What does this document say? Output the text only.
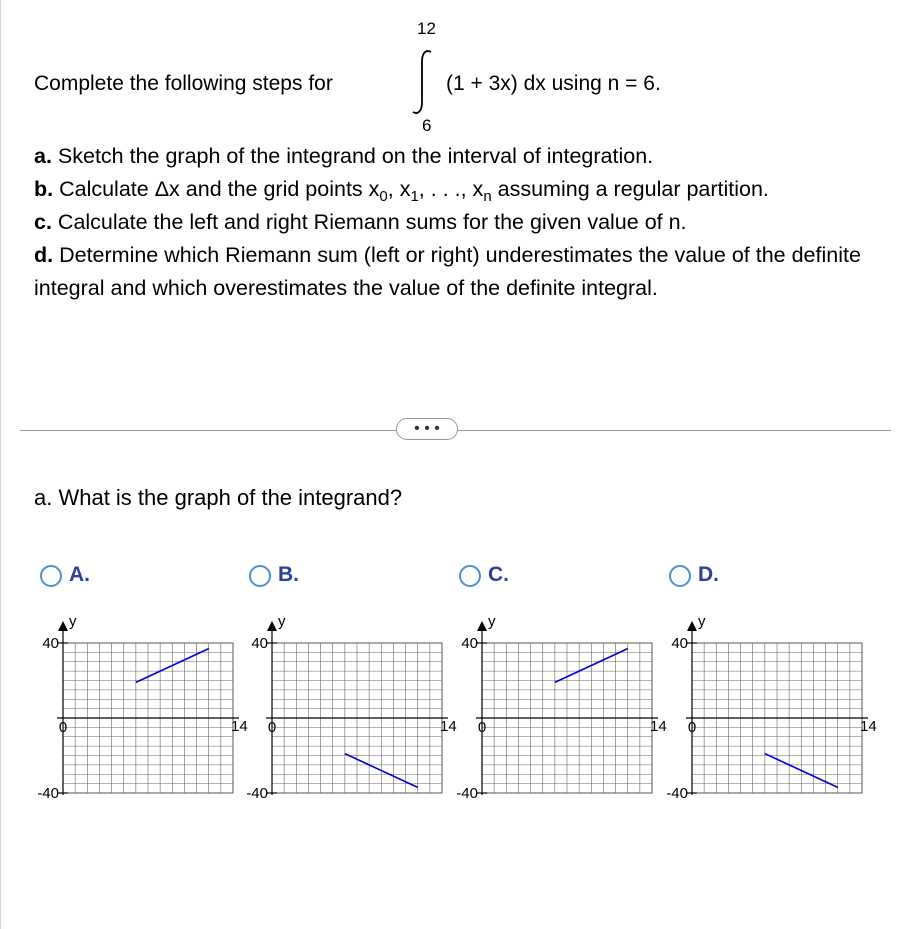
Complete the following steps for
12
(1 + 3x) dx using n = 6.
6

a. Sketch the graph of the integrand on the interval of integration.

b. Calculate Δx and the grid points $x_0$, $x_1$, . . ., $x_n$ assuming a regular partition.

c. Calculate the left and right Riemann sums for the given value of n.

d. Determine which Riemann sum (left or right) underestimates the value of the definite integral and which overestimates the value of the definite integral.

• • •
a. What is the graph of the integrand?
A.	B.	C.	D.
y
40
-40
0	14
y
40
-40
0	14
y
40
-40
0	14
y
40
-40
0	14
